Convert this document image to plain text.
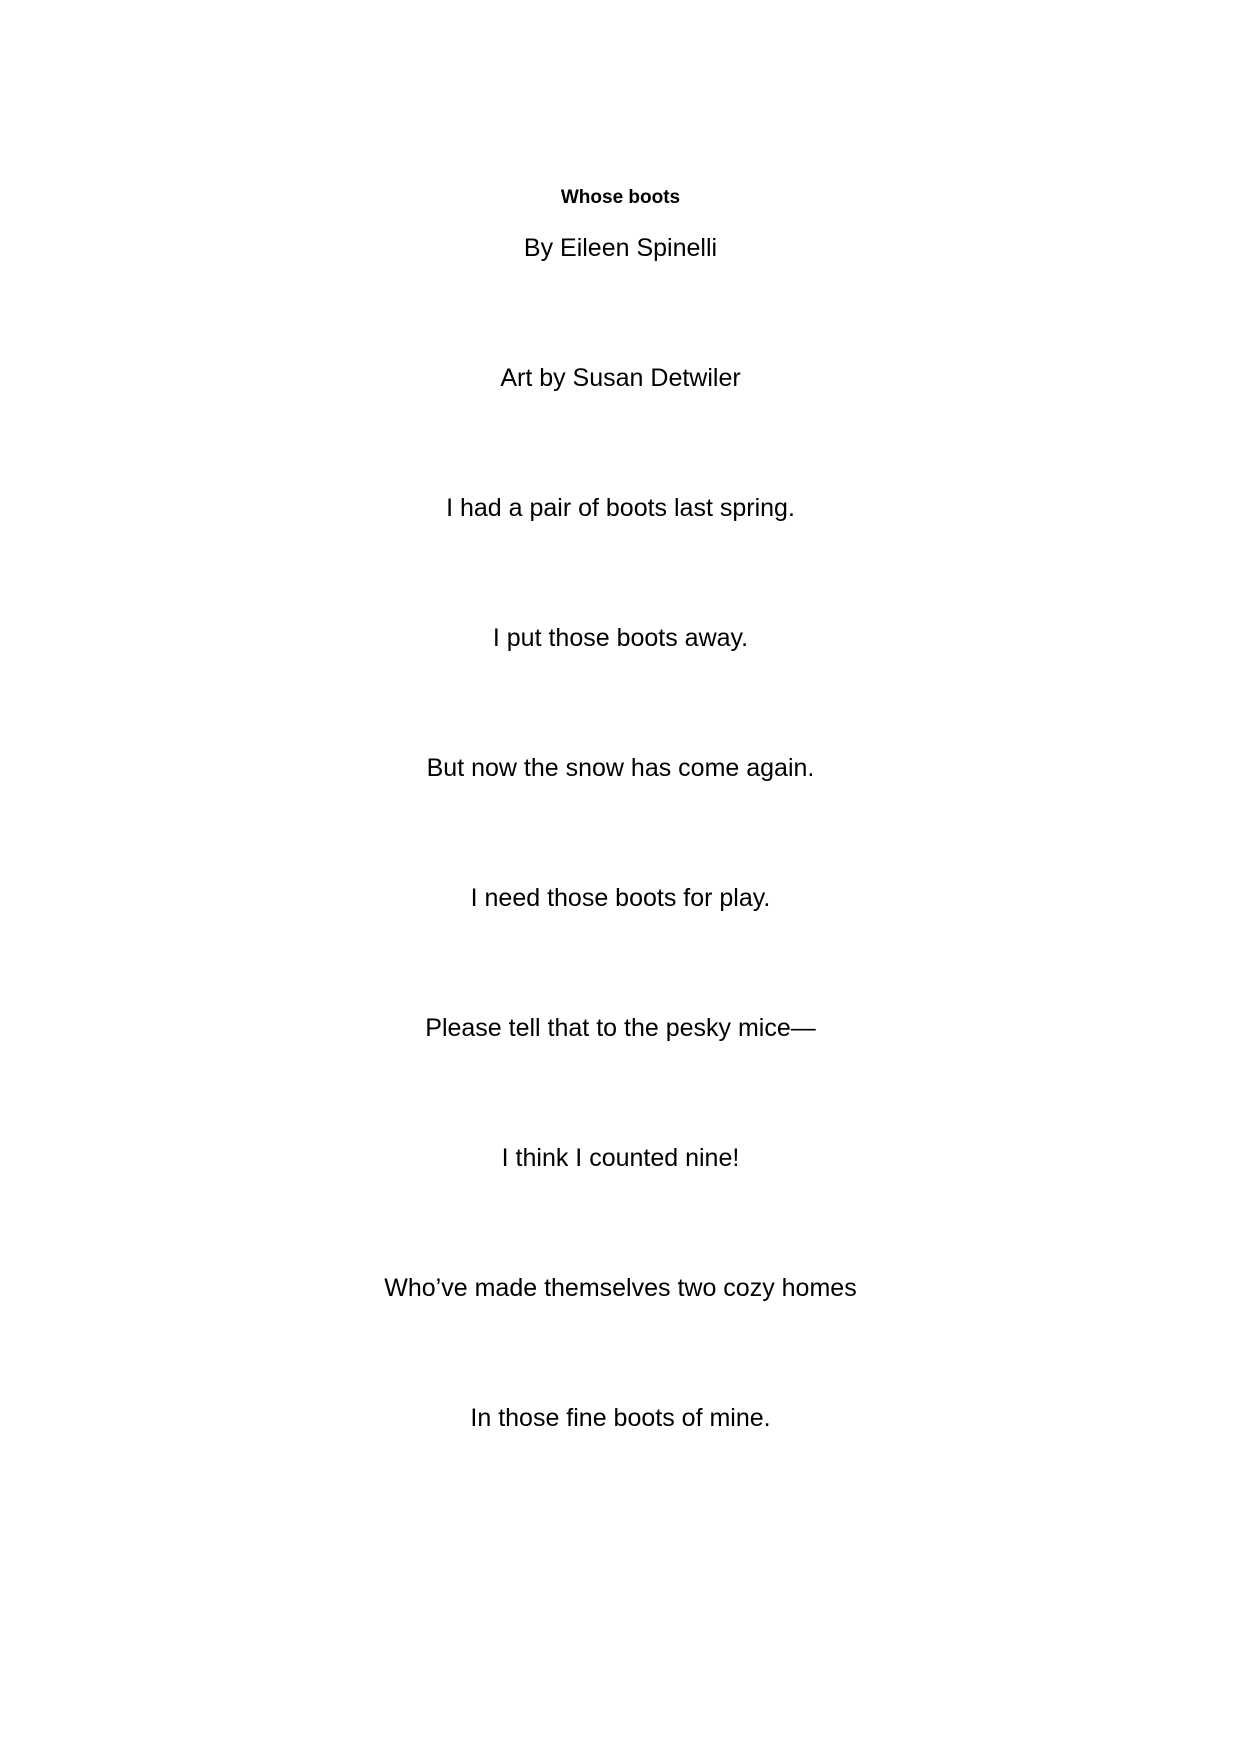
Whose boots
By Eileen Spinelli
Art by Susan Detwiler
I had a pair of boots last spring.
I put those boots away.
But now the snow has come again.
I need those boots for play.
Please tell that to the pesky mice—
I think I counted nine!
Who’ve made themselves two cozy homes
In those fine boots of mine.
